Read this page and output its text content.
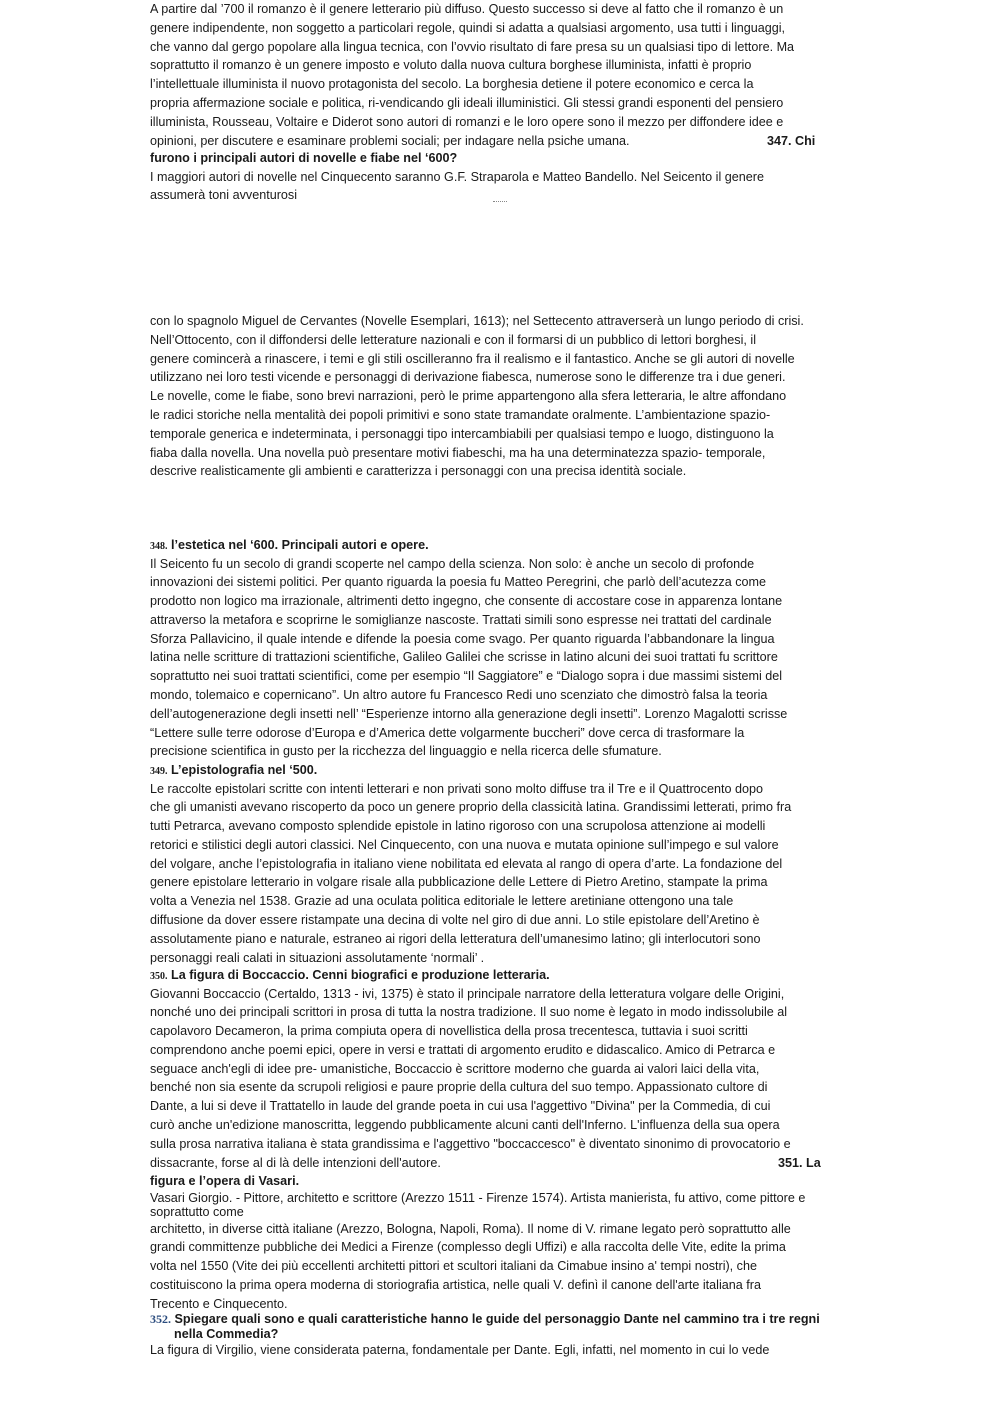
A partire dal ’700 il romanzo è il genere letterario più diffuso. Questo successo si deve al fatto che il romanzo è un

genere indipendente, non soggetto a particolari regole, quindi si adatta a qualsiasi argomento, usa tutti i linguaggi,

che vanno dal gergo popolare alla lingua tecnica, con l’ovvio risultato di fare presa su un qualsiasi tipo di lettore. Ma

soprattutto il romanzo è un genere imposto e voluto dalla nuova cultura borghese illuminista, infatti è proprio

l’intellettuale illuminista il nuovo protagonista del secolo. La borghesia detiene il potere economico e cerca la

propria affermazione sociale e politica, ri-vendicando gli ideali illuministici. Gli stessi grandi esponenti del pensiero

illuminista, Rousseau, Voltaire e Diderot sono autori di romanzi e le loro opere sono il mezzo per diffondere idee e

opinioni, per discutere e esaminare problemi sociali; per indagare nella psiche umana.	347. Chi

furono i principali autori di novelle e fiabe nel ‘600?

I maggiori autori di novelle nel Cinquecento saranno G.F. Straparola e Matteo Bandello. Nel Seicento il genere

assumerà toni avventurosi

con lo spagnolo Miguel de Cervantes (Novelle Esemplari, 1613); nel Settecento attraverserà un lungo periodo di crisi.

Nell’Ottocento, con il diffondersi delle letterature nazionali e con il formarsi di un pubblico di lettori borghesi, il

genere comincerà a rinascere, i temi e gli stili oscilleranno fra il realismo e il fantastico. Anche se gli autori di novelle

utilizzano nei loro testi vicende e personaggi di derivazione fiabesca, numerose sono le differenze tra i due generi.

Le novelle, come le fiabe, sono brevi narrazioni, però le prime appartengono alla sfera letteraria, le altre affondano

le radici storiche nella mentalità dei popoli primitivi e sono state tramandate oralmente. L’ambientazione spazio-

temporale generica e indeterminata, i personaggi tipo intercambiabili per qualsiasi tempo e luogo, distinguono la

fiaba dalla novella. Una novella può presentare motivi fiabeschi, ma ha una determinatezza spazio- temporale,

descrive realisticamente gli ambienti e caratterizza i personaggi con una precisa identità sociale.

348. l’estetica nel ‘600. Principali autori e opere.

Il Seicento fu un secolo di grandi scoperte nel campo della scienza. Non solo: è anche un secolo di profonde

innovazioni dei sistemi politici. Per quanto riguarda la poesia fu Matteo Peregrini, che parlò dell’acutezza come

prodotto non logico ma irrazionale, altrimenti detto ingegno, che consente di accostare cose in apparenza lontane

attraverso la metafora e scoprirne le somiglianze nascoste. Trattati simili sono espresse nei trattati del cardinale

Sforza Pallavicino, il quale intende e difende la poesia come svago. Per quanto riguarda l’abbandonare la lingua

latina nelle scritture di trattazioni scientifiche, Galileo Galilei che scrisse in latino alcuni dei suoi trattati fu scrittore

soprattutto nei suoi trattati scientifici, come per esempio “Il Saggiatore” e “Dialogo sopra i due massimi sistemi del

mondo, tolemaico e copernicano”. Un altro autore fu Francesco Redi uno scenziato che dimostrò falsa la teoria

dell’autogenerazione degli insetti nell’ “Esperienze intorno alla generazione degli insetti”. Lorenzo Magalotti scrisse

“Lettere sulle terre odorose d’Europa e d’America dette volgarmente buccheri” dove cerca di trasformare la

precisione scientifica in gusto per la ricchezza del linguaggio e nella ricerca delle sfumature.

349. L’epistolografia nel ‘500.

Le raccolte epistolari scritte con intenti letterari e non privati sono molto diffuse tra il Tre e il Quattrocento dopo

che gli umanisti avevano riscoperto da poco un genere proprio della classicità latina. Grandissimi letterati, primo fra

tutti Petrarca, avevano composto splendide epistole in latino rigoroso con una scrupolosa attenzione ai modelli

retorici e stilistici degli autori classici. Nel Cinquecento, con una nuova e mutata opinione sull’impego e sul valore

del volgare, anche l’epistolografia in italiano viene nobilitata ed elevata al rango di opera d’arte. La fondazione del

genere epistolare letterario in volgare risale alla pubblicazione delle Lettere di Pietro Aretino, stampate la prima

volta a Venezia nel 1538. Grazie ad una oculata politica editoriale le lettere aretiniane ottengono una tale

diffusione da dover essere ristampate una decina di volte nel giro di due anni. Lo stile epistolare dell’Aretino è

assolutamente piano e naturale, estraneo ai rigori della letteratura dell’umanesimo latino; gli interlocutori sono

personaggi reali calati in situazioni assolutamente ‘normali’ .

350. La figura di Boccaccio. Cenni biografici e produzione letteraria.

Giovanni Boccaccio (Certaldo, 1313 - ivi, 1375) è stato il principale narratore della letteratura volgare delle Origini,

nonché uno dei principali scrittori in prosa di tutta la nostra tradizione. Il suo nome è legato in modo indissolubile al

capolavoro Decameron, la prima compiuta opera di novellistica della prosa trecentesca, tuttavia i suoi scritti

comprendono anche poemi epici, opere in versi e trattati di argomento erudito e didascalico. Amico di Petrarca e

seguace anch'egli di idee pre- umanistiche, Boccaccio è scrittore moderno che guarda ai valori laici della vita,

benché non sia esente da scrupoli religiosi e paure proprie della cultura del suo tempo. Appassionato cultore di

Dante, a lui si deve il Trattatello in laude del grande poeta in cui usa l'aggettivo "Divina" per la Commedia, di cui

curò anche un'edizione manoscritta, leggendo pubblicamente alcuni canti dell'Inferno. L'influenza della sua opera

sulla prosa narrativa italiana è stata grandissima e l'aggettivo "boccaccesco" è diventato sinonimo di provocatorio e

dissacrante, forse al di là delle intenzioni dell'autore.	351. La

figura e l’opera di Vasari.

Vasari Giorgio. - Pittore, architetto e scrittore (Arezzo 1511 - Firenze 1574). Artista manierista, fu attivo, come pittore e

soprattutto come

architetto, in diverse città italiane (Arezzo, Bologna, Napoli, Roma). Il nome di V. rimane legato però soprattutto alle

grandi committenze pubbliche dei Medici a Firenze (complesso degli Uffizi) e alla raccolta delle Vite, edite la prima

volta nel 1550 (Vite dei più eccellenti architetti pittori et scultori italiani da Cimabue insino a' tempi nostri), che

costituiscono la prima opera moderna di storiografia artistica, nelle quali V. definì il canone dell'arte italiana fra

Trecento e Cinquecento.

352. Spiegare quali sono e quali caratteristiche hanno le guide del personaggio Dante nel cammino tra i tre regni

nella Commedia?

La figura di Virgilio, viene considerata paterna, fondamentale per Dante. Egli, infatti, nel momento in cui lo vede
